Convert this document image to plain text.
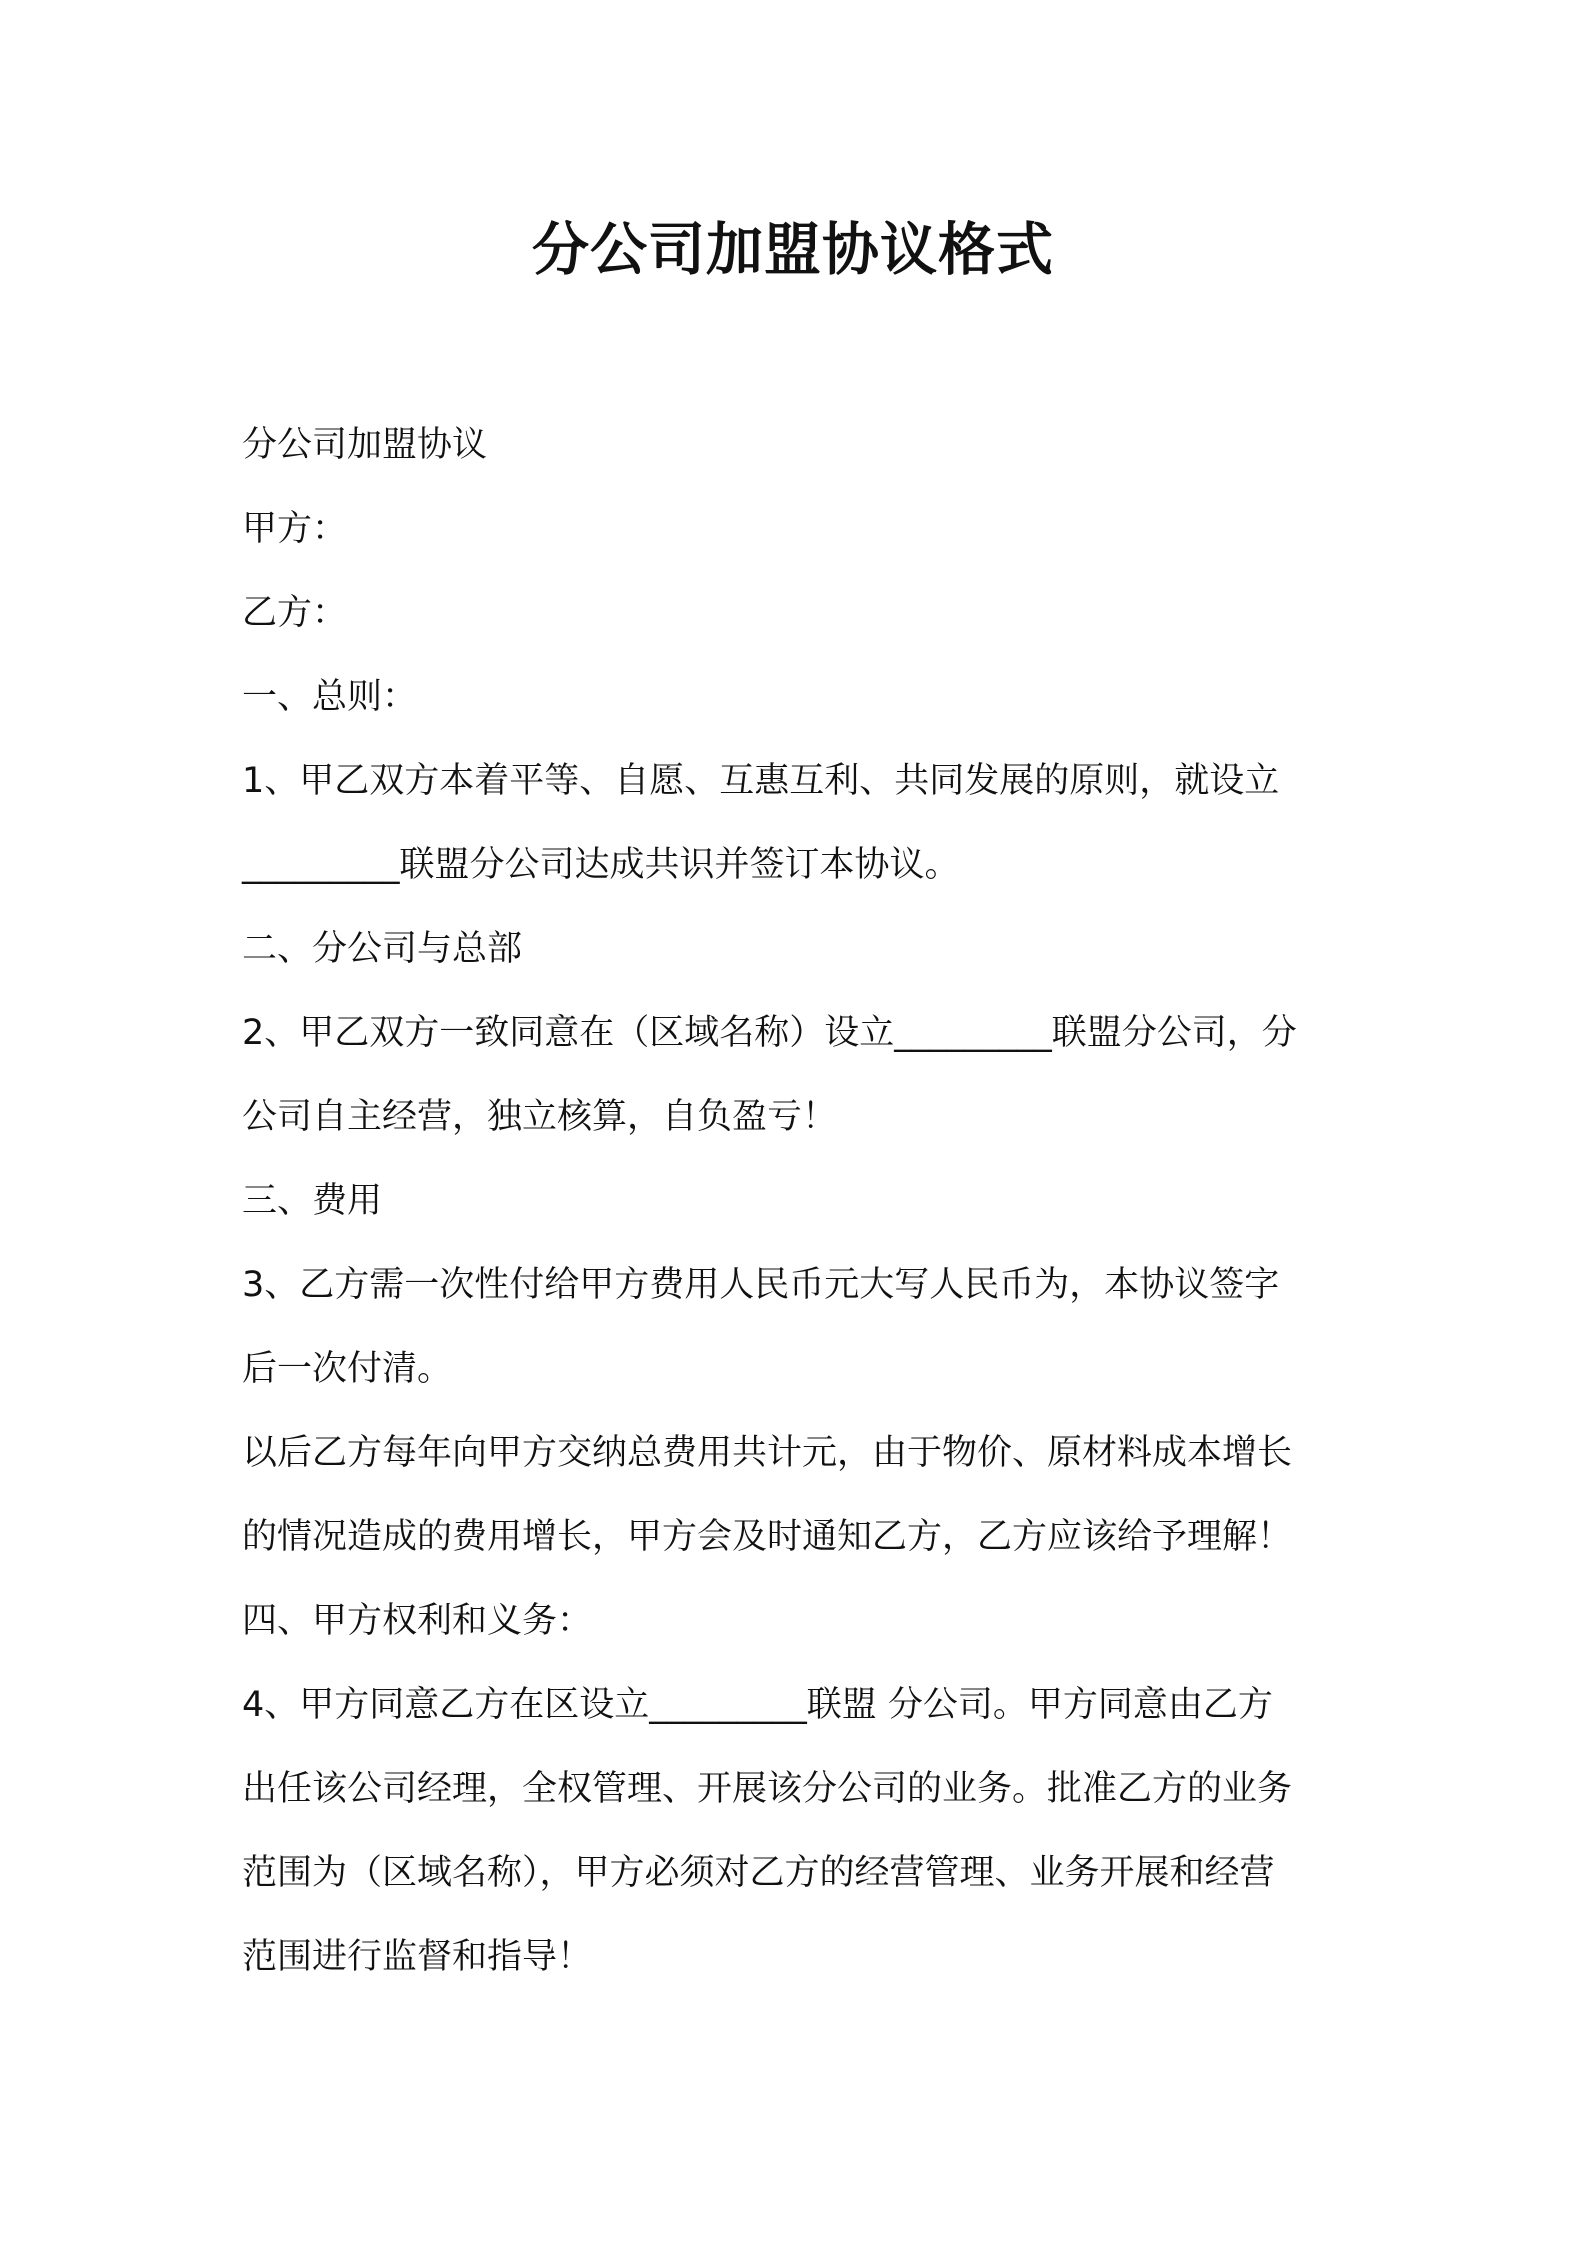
分公司加盟协议格式
分公司加盟协议
甲方：
乙方：
一、总则：
1、甲乙双方本着平等、自愿、互惠互利、共同发展的原则，就设立
_________联盟分公司达成共识并签订本协议。
二、分公司与总部
2、甲乙双方一致同意在（区域名称）设立_________联盟分公司，分
公司自主经营，独立核算，自负盈亏！
三、费用
3、乙方需一次性付给甲方费用人民币元大写人民币为，本协议签字
后一次付清。
以后乙方每年向甲方交纳总费用共计元，由于物价、原材料成本增长
的情况造成的费用增长，甲方会及时通知乙方，乙方应该给予理解！
四、甲方权利和义务：
4、甲方同意乙方在区设立_________联盟 分公司。甲方同意由乙方
出任该公司经理，全权管理、开展该分公司的业务。批准乙方的业务
范围为（区域名称），甲方必须对乙方的经营管理、业务开展和经营
范围进行监督和指导！
